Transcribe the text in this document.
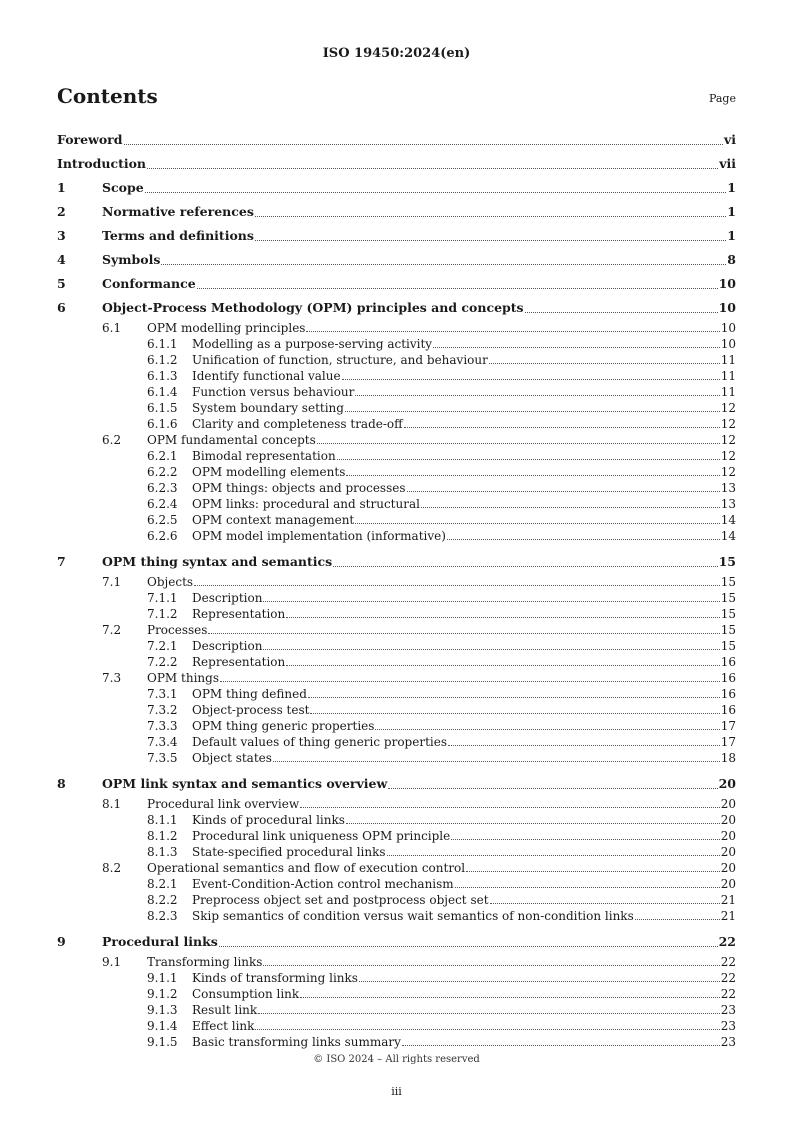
ISO 19450:2024(en)
Contents	Page
Foreword	vi
Introduction	vii
1	Scope	1
2	Normative references	1
3	Terms and definitions	1
4	Symbols	8
5	Conformance	10
6	Object-Process Methodology (OPM) principles and concepts	10
6.1	OPM modelling principles	10
6.1.1	Modelling as a purpose-serving activity	10
6.1.2	Unification of function, structure, and behaviour	11
6.1.3	Identify functional value	11
6.1.4	Function versus behaviour	11
6.1.5	System boundary setting	12
6.1.6	Clarity and completeness trade-off	12
6.2	OPM fundamental concepts	12
6.2.1	Bimodal representation	12
6.2.2	OPM modelling elements	12
6.2.3	OPM things: objects and processes	13
6.2.4	OPM links: procedural and structural	13
6.2.5	OPM context management	14
6.2.6	OPM model implementation (informative)	14
7	OPM thing syntax and semantics	15
7.1	Objects	15
7.1.1	Description	15
7.1.2	Representation	15
7.2	Processes	15
7.2.1	Description	15
7.2.2	Representation	16
7.3	OPM things	16
7.3.1	OPM thing defined	16
7.3.2	Object-process test	16
7.3.3	OPM thing generic properties	17
7.3.4	Default values of thing generic properties	17
7.3.5	Object states	18
8	OPM link syntax and semantics overview	20
8.1	Procedural link overview	20
8.1.1	Kinds of procedural links	20
8.1.2	Procedural link uniqueness OPM principle	20
8.1.3	State-specified procedural links	20
8.2	Operational semantics and flow of execution control	20
8.2.1	Event-Condition-Action control mechanism	20
8.2.2	Preprocess object set and postprocess object set	21
8.2.3	Skip semantics of condition versus wait semantics of non-condition links	21
9	Procedural links	22
9.1	Transforming links	22
9.1.1	Kinds of transforming links	22
9.1.2	Consumption link	22
9.1.3	Result link	23
9.1.4	Effect link	23
9.1.5	Basic transforming links summary	23
© ISO 2024 – All rights reserved
iii
